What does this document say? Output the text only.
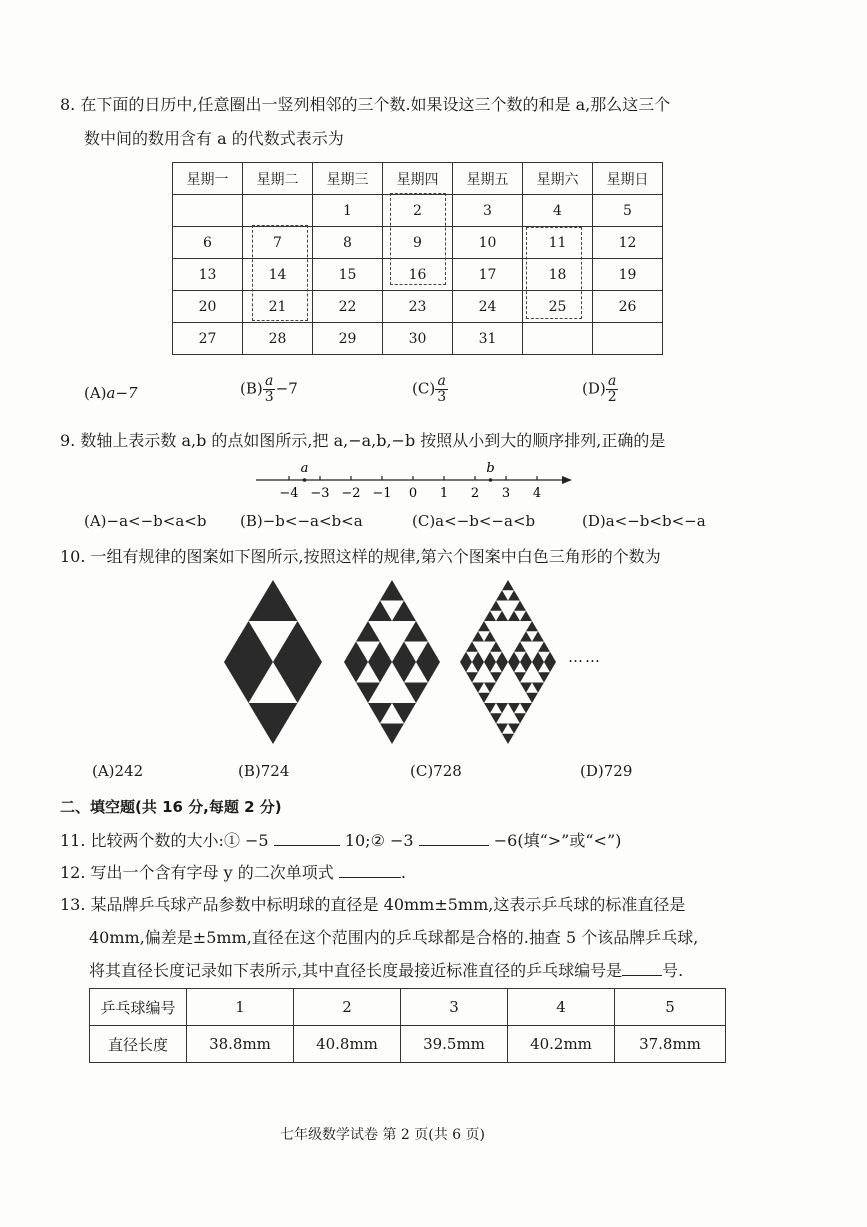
8. 在下面的日历中,任意圈出一竖列相邻的三个数.如果设这三个数的和是 a,那么这三个
数中间的数用含有 a 的代数式表示为
星期一	星期二	星期三	星期四	星期五	星期六	星期日
		1	2	3	4	5
6	7	8	9	10	11	12
13	14	15	16	17	18	19
20	21	22	23	24	25	26
27	28	29	30	31		
(A)a−7	$(B) \frac{a}{3} -7$	$(C) \frac{a}{3}$	$(D) \frac{a}{2}$
9. 数轴上表示数 a,b 的点如图所示,把 a,−a,b,−b 按照从小到大的顺序排列,正确的是
−4 −3 −2 −1 0 1 2 3 4
a	b
(A)−a<−b<a<b (B)−b<−a<b<a	(C)a<−b<−a<b	(D)a<−b<b<−a
10. 一组有规律的图案如下图所示,按照这样的规律,第六个图案中白色三角形的个数为
……
(A)242	(B)724	(C)728	(D)729
二、填空题(共 16 分,每题 2 分)
11. 比较两个数的大小:① −5	10;② −3	−6(填“>”或“<”)
12. 写出一个含有字母 y 的二次单项式	.
13. 某品牌乒乓球产品参数中标明球的直径是 40mm±5mm,这表示乒乓球的标准直径是
40mm,偏差是±5mm,直径在这个范围内的乒乓球都是合格的.抽查 5 个该品牌乒乓球,
将其直径长度记录如下表所示,其中直径长度最接近标准直径的乒乓球编号是	号.
乒乓球编号	1	2	3	4	5
直径长度	38.8mm	40.8mm	39.5mm	40.2mm	37.8mm
七年级数学试卷 第 2 页(共 6 页)
